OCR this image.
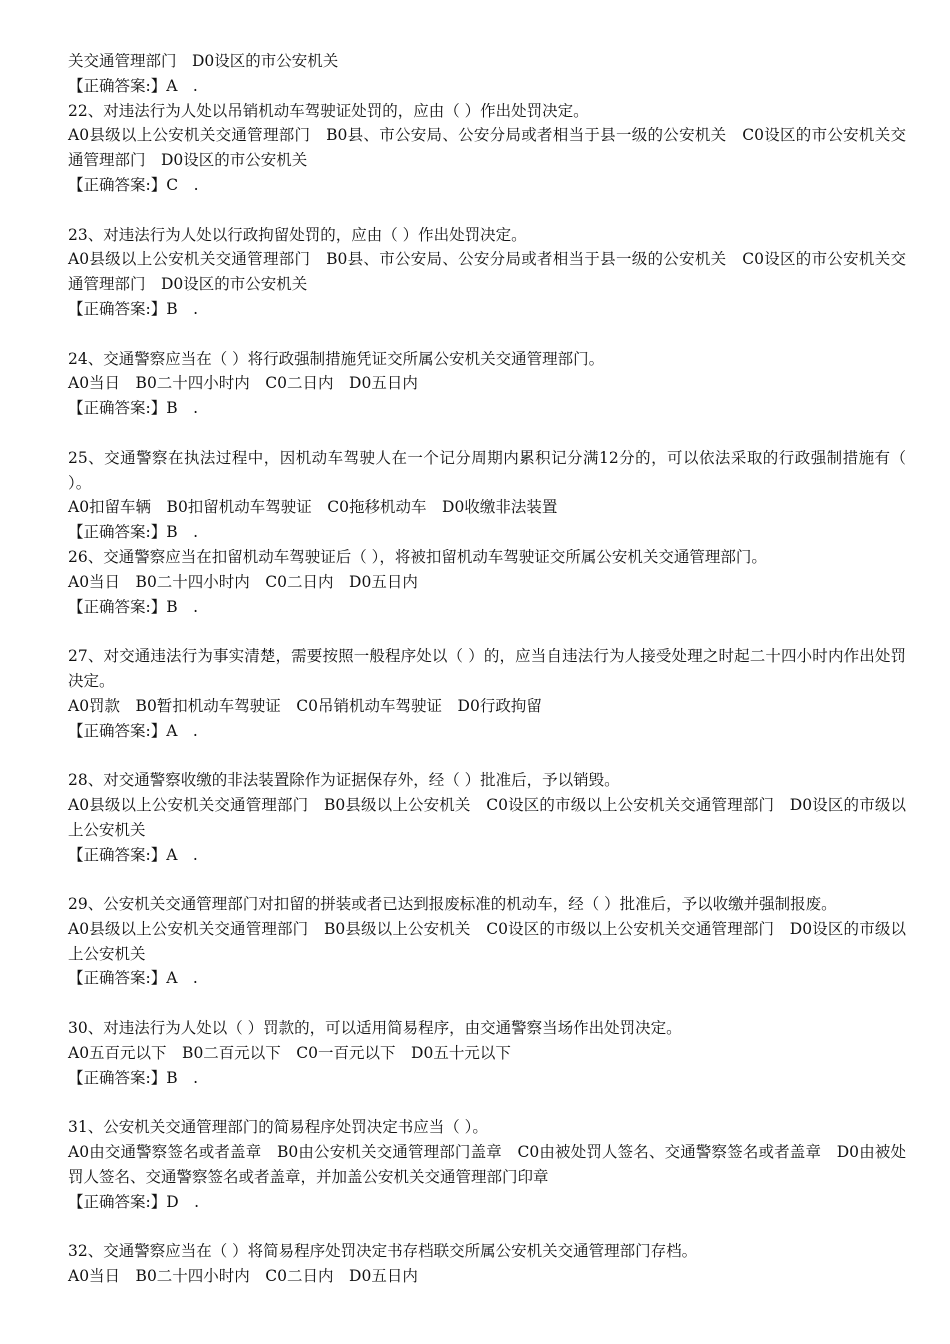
关交通管理部门　D0设区的市公安机关

【正确答案:】A　.

22、对违法行为人处以吊销机动车驾驶证处罚的，应由（ ）作出处罚决定。

A0县级以上公安机关交通管理部门　B0县、市公安局、公安分局或者相当于县一级的公安机关　C0设区的市公安机关交通管理部门　D0设区的市公安机关

【正确答案:】C　.

23、对违法行为人处以行政拘留处罚的，应由（ ）作出处罚决定。

A0县级以上公安机关交通管理部门　B0县、市公安局、公安分局或者相当于县一级的公安机关　C0设区的市公安机关交通管理部门　D0设区的市公安机关

【正确答案:】B　.

24、交通警察应当在（ ）将行政强制措施凭证交所属公安机关交通管理部门。

A0当日　B0二十四小时内　C0二日内　D0五日内

【正确答案:】B　.

25、交通警察在执法过程中，因机动车驾驶人在一个记分周期内累积记分满12分的，可以依法采取的行政强制措施有（ ）。

A0扣留车辆　B0扣留机动车驾驶证　C0拖移机动车　D0收缴非法装置

【正确答案:】B　.

26、交通警察应当在扣留机动车驾驶证后（ ），将被扣留机动车驾驶证交所属公安机关交通管理部门。

A0当日　B0二十四小时内　C0二日内　D0五日内

【正确答案:】B　.

27、对交通违法行为事实清楚，需要按照一般程序处以（ ）的，应当自违法行为人接受处理之时起二十四小时内作出处罚决定。

A0罚款　B0暂扣机动车驾驶证　C0吊销机动车驾驶证　D0行政拘留

【正确答案:】A　.

28、对交通警察收缴的非法装置除作为证据保存外，经（ ）批准后，予以销毁。

A0县级以上公安机关交通管理部门　B0县级以上公安机关　C0设区的市级以上公安机关交通管理部门　D0设区的市级以上公安机关

【正确答案:】A　.

29、公安机关交通管理部门对扣留的拼装或者已达到报废标准的机动车，经（ ）批准后，予以收缴并强制报废。

A0县级以上公安机关交通管理部门　B0县级以上公安机关　C0设区的市级以上公安机关交通管理部门　D0设区的市级以上公安机关

【正确答案:】A　.

30、对违法行为人处以（ ）罚款的，可以适用简易程序，由交通警察当场作出处罚决定。

A0五百元以下　B0二百元以下　C0一百元以下　D0五十元以下

【正确答案:】B　.

31、公安机关交通管理部门的简易程序处罚决定书应当（ ）。

A0由交通警察签名或者盖章　B0由公安机关交通管理部门盖章　C0由被处罚人签名、交通警察签名或者盖章　D0由被处罚人签名、交通警察签名或者盖章，并加盖公安机关交通管理部门印章

【正确答案:】D　.

32、交通警察应当在（ ）将简易程序处罚决定书存档联交所属公安机关交通管理部门存档。

A0当日　B0二十四小时内　C0二日内　D0五日内
